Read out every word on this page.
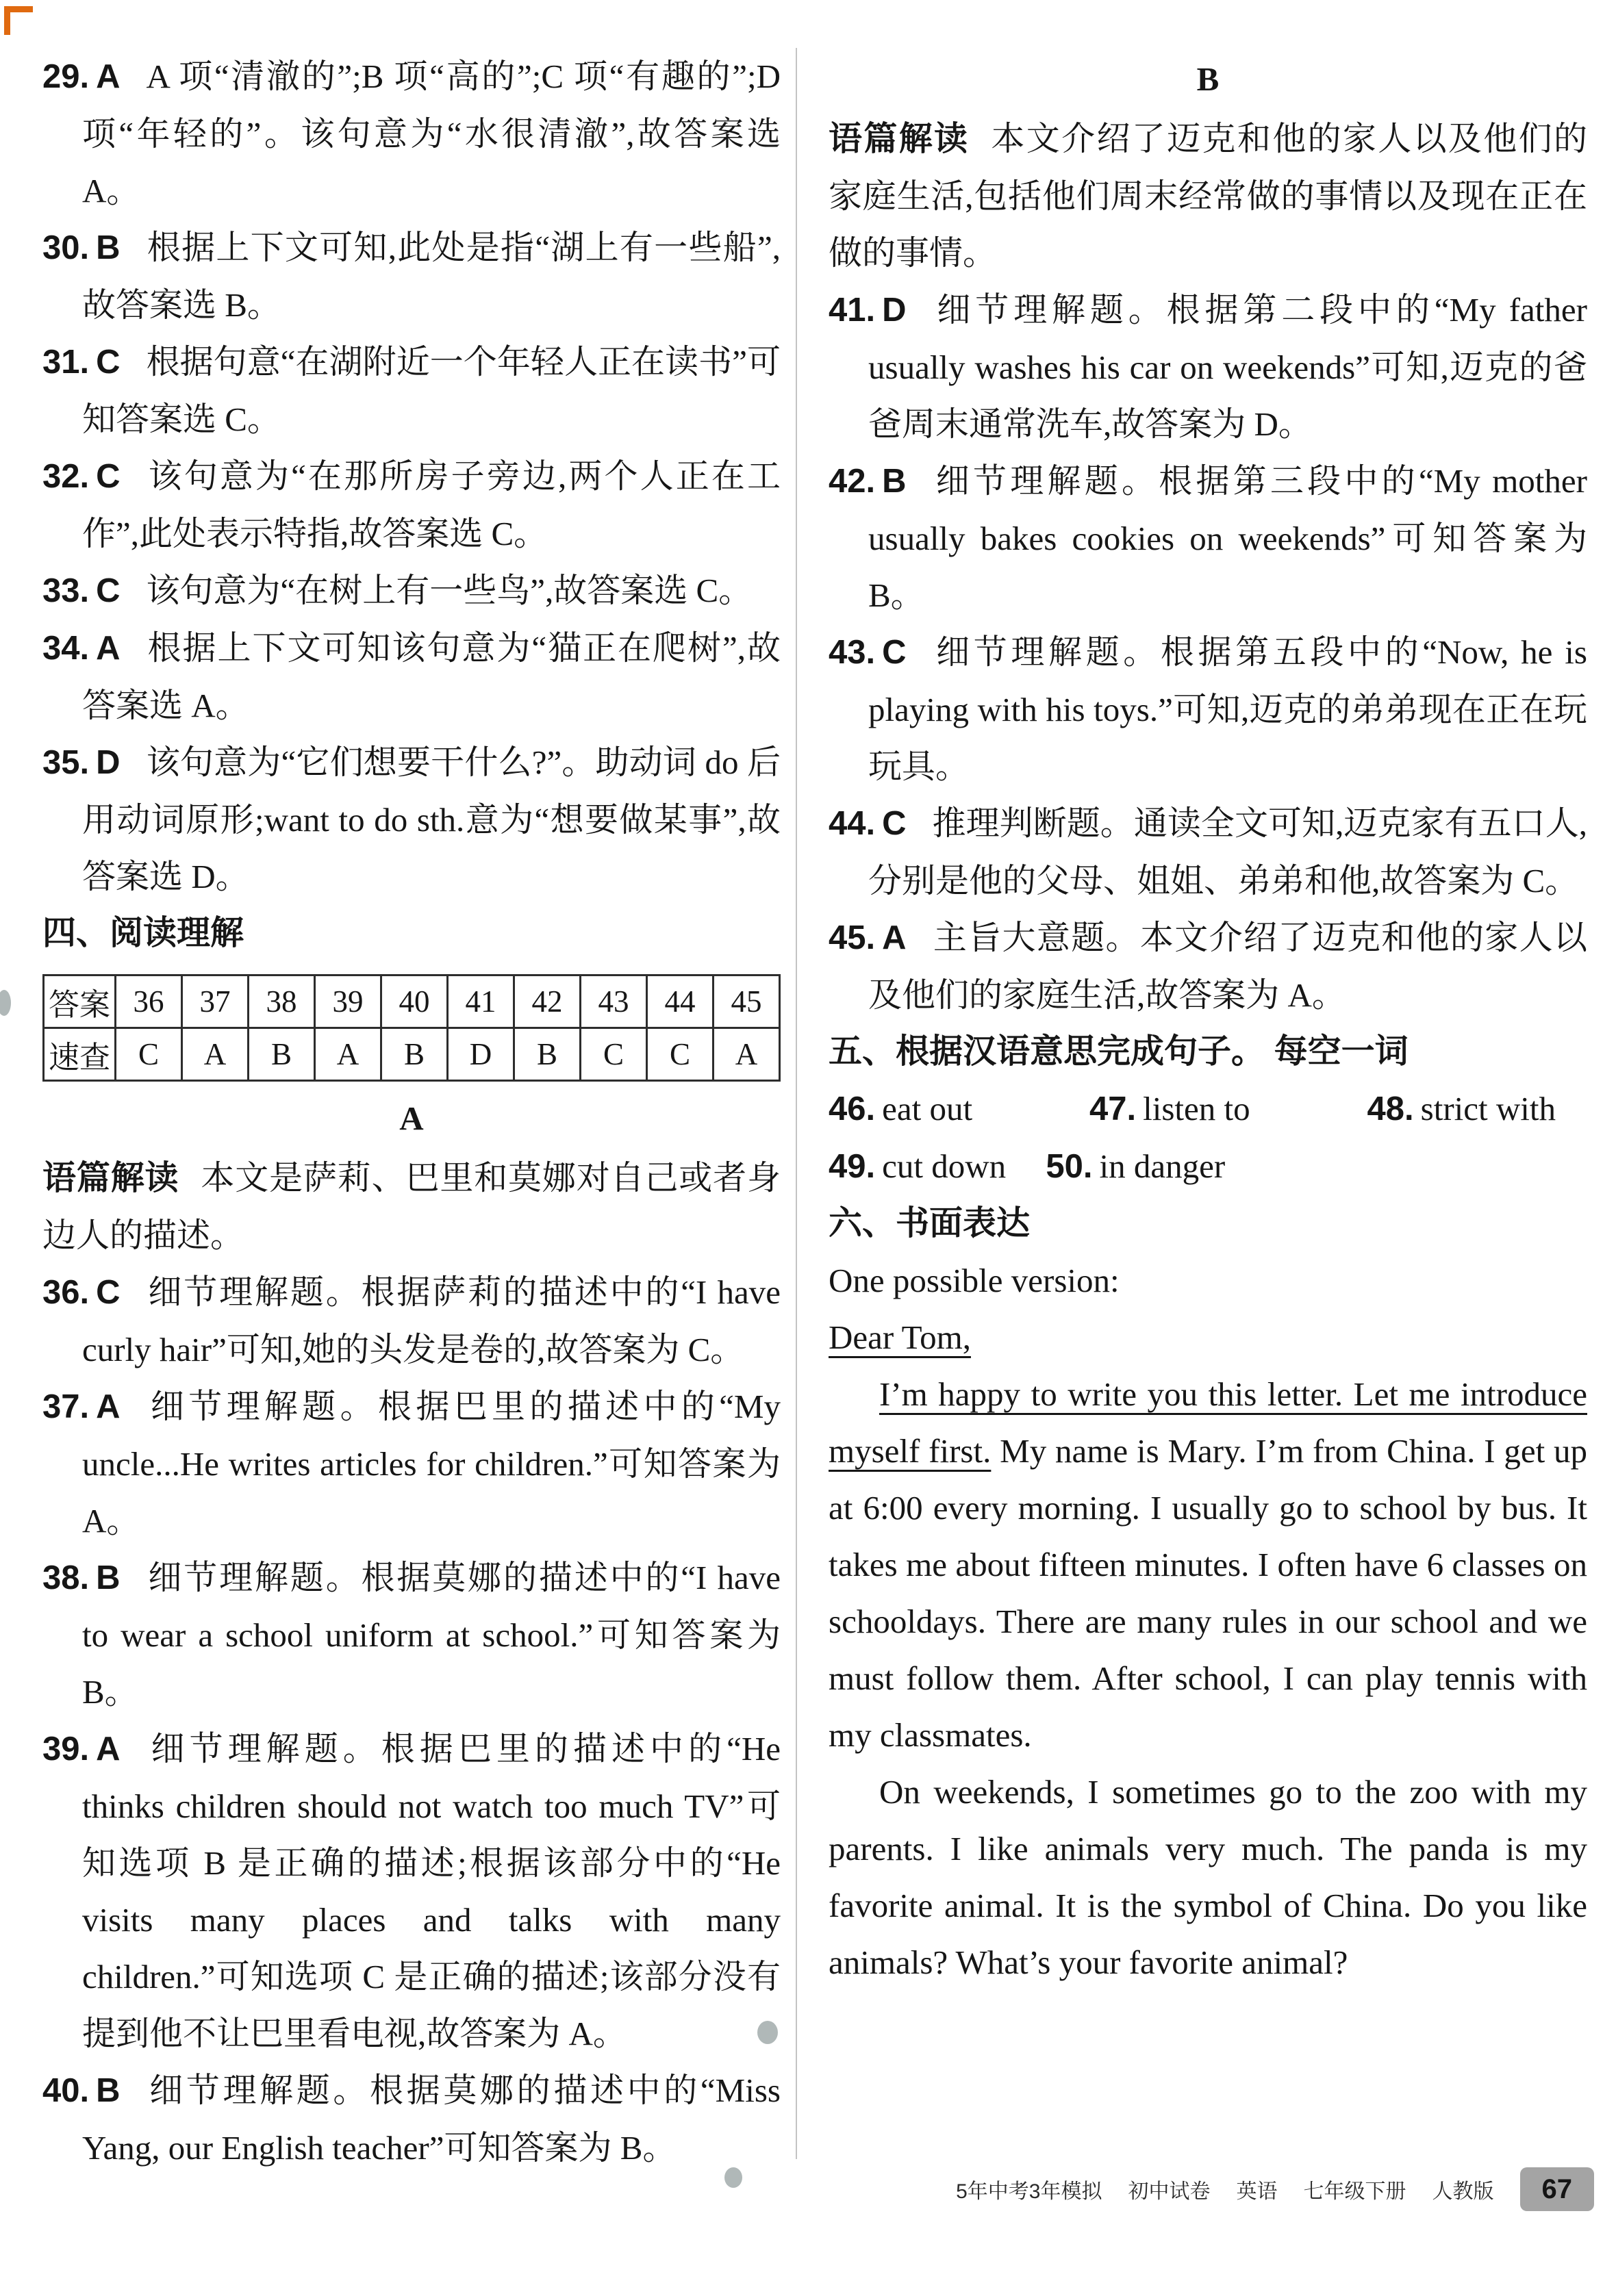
29. A A 项“清澈的”;B 项“高的”;C 项“有趣的”;D 项“年轻的”。该句意为“水很清澈”,故答案选 A。
30. B 根据上下文可知,此处是指“湖上有一些船”,故答案选 B。
31. C 根据句意“在湖附近一个年轻人正在读书”可知答案选 C。
32. C 该句意为“在那所房子旁边,两个人正在工作”,此处表示特指,故答案选 C。
33. C 该句意为“在树上有一些鸟”,故答案选 C。
34. A 根据上下文可知该句意为“猫正在爬树”,故答案选 A。
35. D 该句意为“它们想要干什么?”。助动词 do 后用动词原形;want to do sth.意为“想要做某事”,故答案选 D。
四、阅读理解
答案	36	37	38	39	40	41	42	43	44	45
速查	C	A	B	A	B	D	B	C	C	A
A
语篇解读 本文是萨莉、巴里和莫娜对自己或者身边人的描述。
36. C 细节理解题。根据萨莉的描述中的“I have curly hair”可知,她的头发是卷的,故答案为 C。
37. A 细节理解题。根据巴里的描述中的“My uncle...He writes articles for children.”可知答案为 A。
38. B 细节理解题。根据莫娜的描述中的“I have to wear a school uniform at school.”可知答案为 B。
39. A 细节理解题。根据巴里的描述中的“He thinks children should not watch too much TV”可知选项 B 是正确的描述;根据该部分中的“He visits many places and talks with many children.”可知选项 C 是正确的描述;该部分没有提到他不让巴里看电视,故答案为 A。
40. B 细节理解题。根据莫娜的描述中的“Miss Yang, our English teacher”可知答案为 B。
B
语篇解读 本文介绍了迈克和他的家人以及他们的家庭生活,包括他们周末经常做的事情以及现在正在做的事情。
41. D 细节理解题。根据第二段中的“My father usually washes his car on weekends”可知,迈克的爸爸周末通常洗车,故答案为 D。
42. B 细节理解题。根据第三段中的“My mother usually bakes cookies on weekends”可知答案为 B。
43. C 细节理解题。根据第五段中的“Now, he is playing with his toys.”可知,迈克的弟弟现在正在玩玩具。
44. C 推理判断题。通读全文可知,迈克家有五口人,分别是他的父母、姐姐、弟弟和他,故答案为 C。
45. A 主旨大意题。本文介绍了迈克和他的家人以及他们的家庭生活,故答案为 A。
五、根据汉语意思完成句子。 每空一词
46. eat out	47. listen to	48. strict with 49. cut down 50. in danger
六、书面表达

One possible version:

Dear Tom,

I’m happy to write you this letter. Let me introduce myself first. My name is Mary. I’m from China. I get up at 6:00 every morning. I usually go to school by bus. It takes me about fifteen minutes. I often have 6 classes on schooldays. There are many rules in our school and we must follow them. After school, I can play tennis with my classmates.

On weekends, I sometimes go to the zoo with my parents. I like animals very much. The panda is my favorite animal. It is the symbol of China. Do you like animals? What’s your favorite animal?

5年中考3年模拟 初中试卷 英语 七年级下册 人教版	67
